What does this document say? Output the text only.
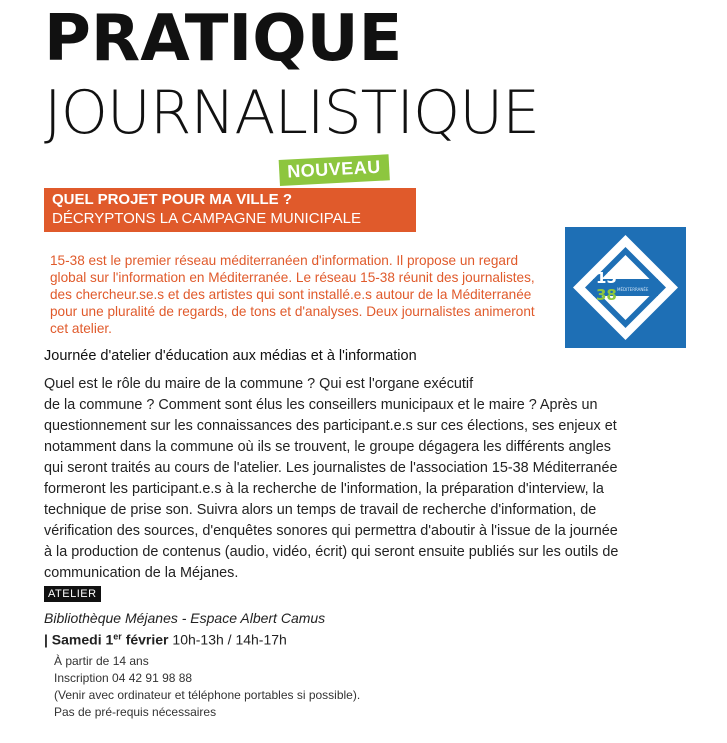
PRATIQUE
JOURNALISTIQUE
NOUVEAU
QUEL PROJET POUR MA VILLE ?
DÉCRYPTONS LA CAMPAGNE MUNICIPALE
15-38 est le premier réseau méditerranéen d'information. Il propose un regard global sur l'information en Méditerranée. Le réseau 15-38 réunit des journalistes, des chercheur.se.s et des artistes qui sont installé.e.s autour de la Méditerranée pour une pluralité de regards, de tons et d'analyses. Deux journalistes animeront cet atelier.
15
38 MÉDITERRANÉE
Journée d'atelier d'éducation aux médias et à l'information
Quel est le rôle du maire de la commune ? Qui est l'organe exécutif
de la commune ? Comment sont élus les conseillers municipaux et le maire ? Après un
questionnement sur les connaissances des participant.e.s sur ces élections, ses enjeux et
notamment dans la commune où ils se trouvent, le groupe dégagera les différents angles
qui seront traités au cours de l'atelier. Les journalistes de l'association 15-38 Méditerranée
formeront les participant.e.s à la recherche de l'information, la préparation d'interview, la
technique de prise son. Suivra alors un temps de travail de recherche d'information, de
vérification des sources, d'enquêtes sonores qui permettra d'aboutir à l'issue de la journée
à la production de contenus (audio, vidéo, écrit) qui seront ensuite publiés sur les outils de
communication de la Méjanes.
ATELIER
Bibliothèque Méjanes - Espace Albert Camus
| Samedi 1er février 10h-13h / 14h-17h
À partir de 14 ans
Inscription 04 42 91 98 88
(Venir avec ordinateur et téléphone portables si possible).
Pas de pré-requis nécessaires
